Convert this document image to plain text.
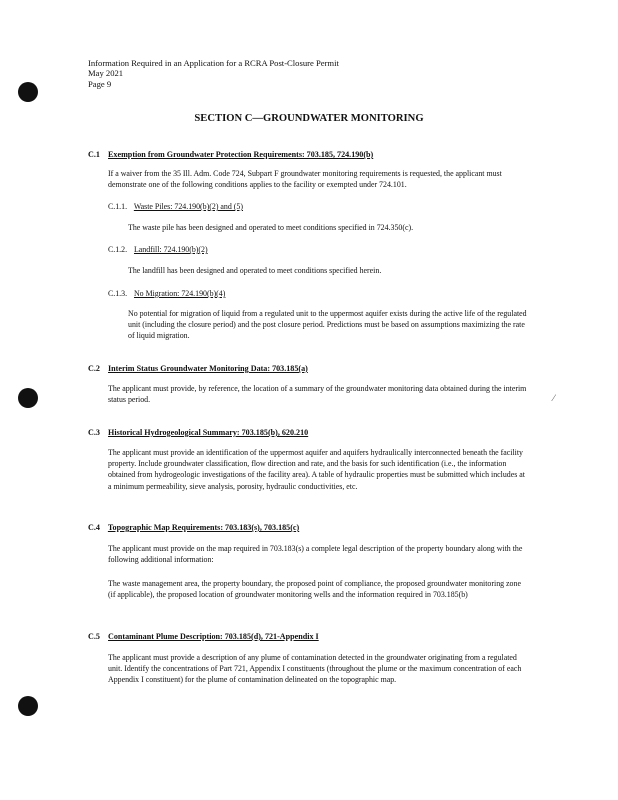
⁄
Information Required in an Application for a RCRA Post-Closure Permit
May 2021
Page 9
SECTION C—GROUNDWATER MONITORING
C.1 Exemption from Groundwater Protection Requirements: 703.185, 724.190(b)
If a waiver from the 35 Ill. Adm. Code 724, Subpart F groundwater monitoring requirements is requested, the applicant must demonstrate one of the following conditions applies to the facility or exempted under 724.101.
C.1.1. Waste Piles: 724.190(b)(2) and (5)
The waste pile has been designed and operated to meet conditions specified in 724.350(c).
C.1.2. Landfill: 724.190(b)(2)
The landfill has been designed and operated to meet conditions specified herein.
C.1.3. No Migration: 724.190(b)(4)
No potential for migration of liquid from a regulated unit to the uppermost aquifer exists during the active life of the regulated unit (including the closure period) and the post closure period. Predictions must be based on assumptions maximizing the rate of liquid migration.
C.2 Interim Status Groundwater Monitoring Data: 703.185(a)
The applicant must provide, by reference, the location of a summary of the groundwater monitoring data obtained during the interim status period.
C.3 Historical Hydrogeological Summary: 703.185(b), 620.210
The applicant must provide an identification of the uppermost aquifer and aquifers hydraulically interconnected beneath the facility property. Include groundwater classification, flow direction and rate, and the basis for such identification (i.e., the information obtained from hydrogeologic investigations of the facility area). A table of hydraulic properties must be submitted which includes at a minimum permeability, sieve analysis, porosity, hydraulic conductivities, etc.
C.4 Topographic Map Requirements: 703.183(s), 703.185(c)
The applicant must provide on the map required in 703.183(s) a complete legal description of the property boundary along with the following additional information:
The waste management area, the property boundary, the proposed point of compliance, the proposed groundwater monitoring zone (if applicable), the proposed location of groundwater monitoring wells and the information required in 703.185(b)
C.5 Contaminant Plume Description: 703.185(d), 721-Appendix I
The applicant must provide a description of any plume of contamination detected in the groundwater originating from a regulated unit. Identify the concentrations of Part 721, Appendix I constituents (throughout the plume or the maximum concentration of each Appendix I constituent) for the plume of contamination delineated on the topographic map.
